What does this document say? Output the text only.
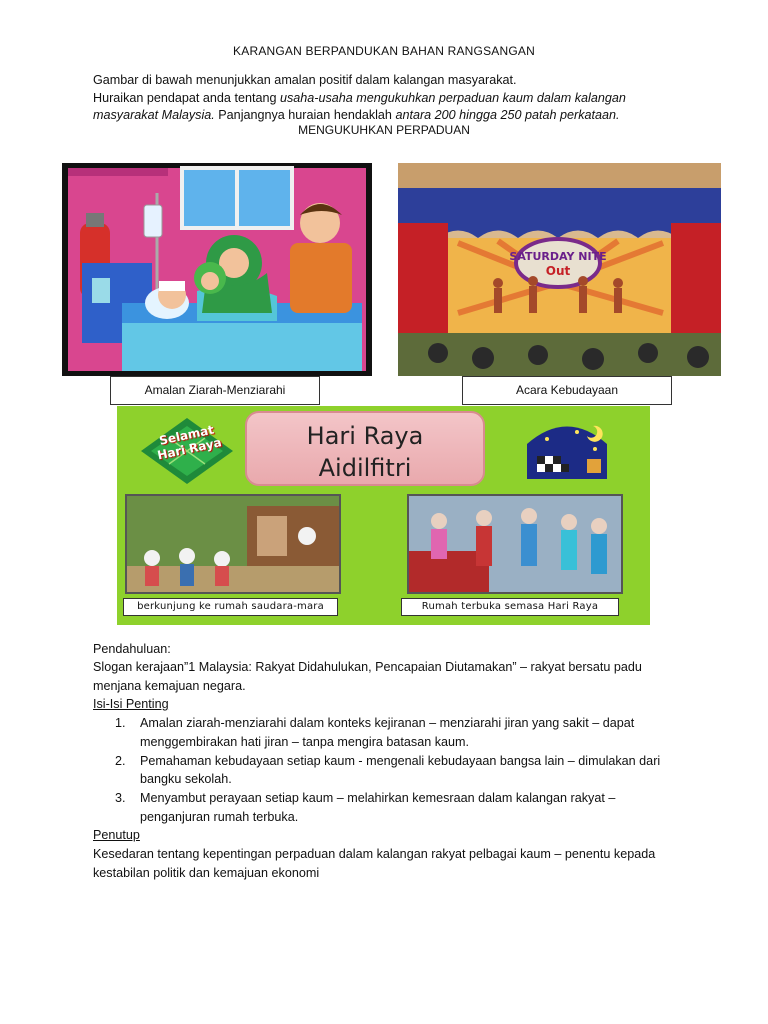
KARANGAN BERPANDUKAN BAHAN RANGSANGAN
Gambar di bawah menunjukkan amalan positif dalam kalangan masyarakat.
Huraikan pendapat anda tentang usaha-usaha mengukuhkan perpaduan kaum dalam kalangan masyarakat Malaysia. Panjangnya huraian hendaklah antara 200 hingga 250 patah perkataan.
MENGUKUHKAN PERPADUAN
Amalan Ziarah-Menziarahi
SATURDAY NITE
Out
Acara Kebudayaan
Selamat Hari Raya	Hari Raya
Aidilfitri
berkunjung ke rumah saudara-mara	Rumah terbuka semasa Hari Raya
Pendahuluan:
Slogan kerajaan”1 Malaysia: Rakyat Didahulukan, Pencapaian Diutamakan” – rakyat bersatu padu menjana kemajuan negara.
Isi-Isi Penting
1.	Amalan ziarah-menziarahi dalam konteks kejiranan – menziarahi jiran yang sakit – dapat menggembirakan hati jiran – tanpa mengira batasan kaum.
2.	Pemahaman kebudayaan setiap kaum - mengenali kebudayaan bangsa lain – dimulakan dari bangku sekolah.
3.	Menyambut perayaan setiap kaum – melahirkan kemesraan dalam kalangan rakyat – penganjuran rumah terbuka.
Penutup
Kesedaran tentang kepentingan perpaduan dalam kalangan rakyat pelbagai kaum – penentu kepada kestabilan politik dan kemajuan ekonomi
